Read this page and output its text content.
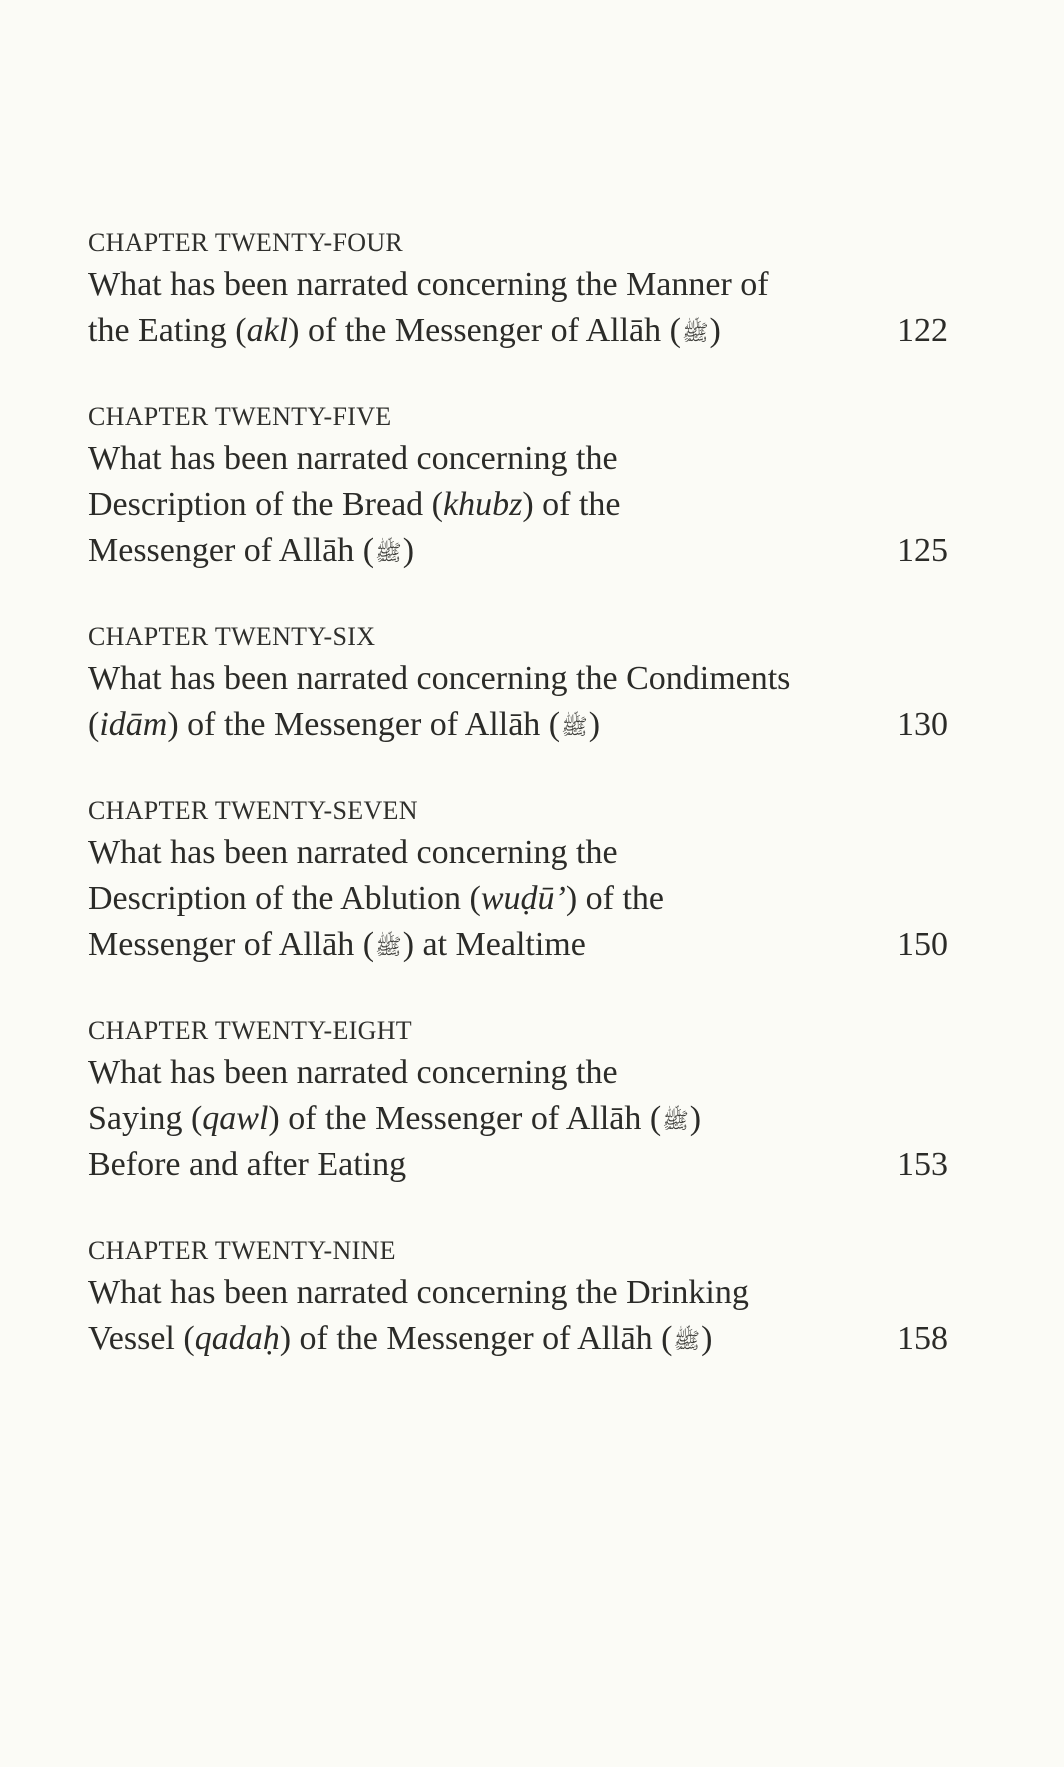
CHAPTER TWENTY-FOUR
What has been narrated concerning the Manner of
the Eating (akl) of the Messenger of Allāh (ﷺ)	122
CHAPTER TWENTY-FIVE
What has been narrated concerning the
Description of the Bread (khubz) of the
Messenger of Allāh (ﷺ)	125
CHAPTER TWENTY-SIX
What has been narrated concerning the Condiments
(idām) of the Messenger of Allāh (ﷺ)	130
CHAPTER TWENTY-SEVEN
What has been narrated concerning the
Description of the Ablution (wuḍū’) of the
Messenger of Allāh (ﷺ) at Mealtime	150
CHAPTER TWENTY-EIGHT
What has been narrated concerning the
Saying (qawl) of the Messenger of Allāh (ﷺ)
Before and after Eating	153
CHAPTER TWENTY-NINE
What has been narrated concerning the Drinking
Vessel (qadaḥ) of the Messenger of Allāh (ﷺ)	158
